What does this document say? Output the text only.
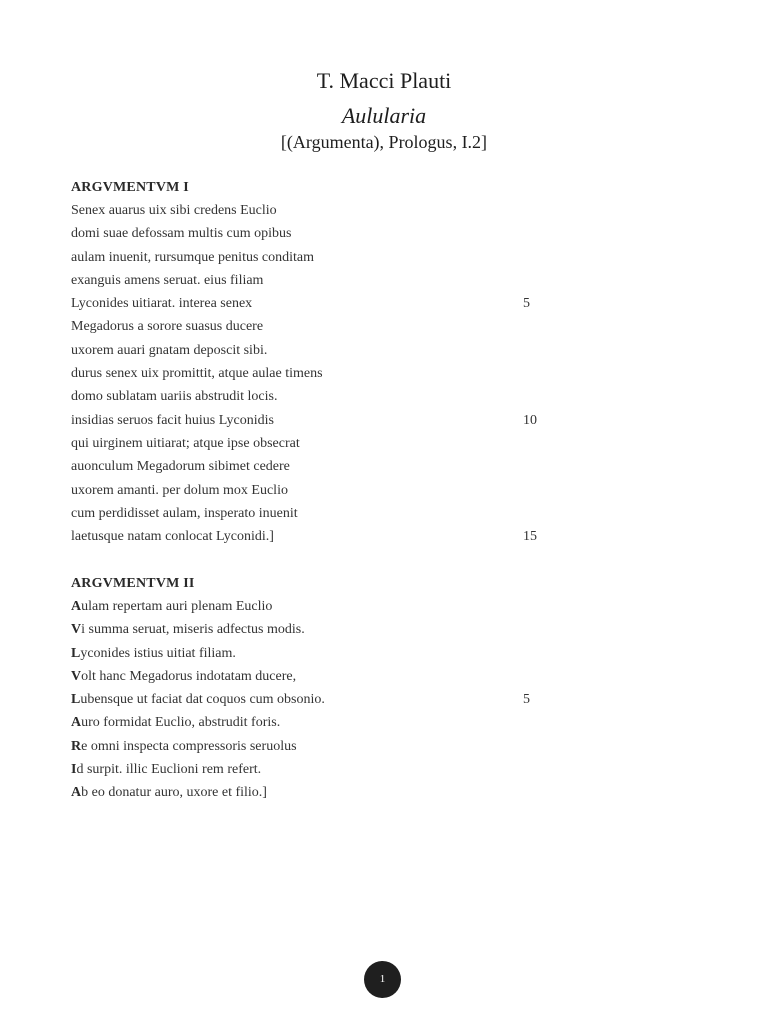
T. Macci Plauti
Aulularia
[(Argumenta), Prologus, I.2]
ARGVMENTVM I
Senex auarus uix sibi credens Euclio
domi suae defossam multis cum opibus
aulam inuenit, rursumque penitus conditam
exanguis amens seruat. eius filiam
Lyconides uitiarat. interea senex	5
Megadorus a sorore suasus ducere
uxorem auari gnatam deposcit sibi.
durus senex uix promittit, atque aulae timens
domo sublatam uariis abstrudit locis.
insidias seruos facit huius Lyconidis	10
qui uirginem uitiarat; atque ipse obsecrat
auonculum Megadorum sibimet cedere
uxorem amanti. per dolum mox Euclio
cum perdidisset aulam, insperato inuenit
laetusque natam conlocat Lyconidi.]	15
ARGVMENTVM II
Aulam repertam auri plenam Euclio
Vi summa seruat, miseris adfectus modis.
Lyconides istius uitiat filiam.
Volt hanc Megadorus indotatam ducere,
Lubensque ut faciat dat coquos cum obsonio.	5
Auro formidat Euclio, abstrudit foris.
Re omni inspecta compressoris seruolus
Id surpit. illic Euclioni rem refert.
Ab eo donatur auro, uxore et filio.]
1
